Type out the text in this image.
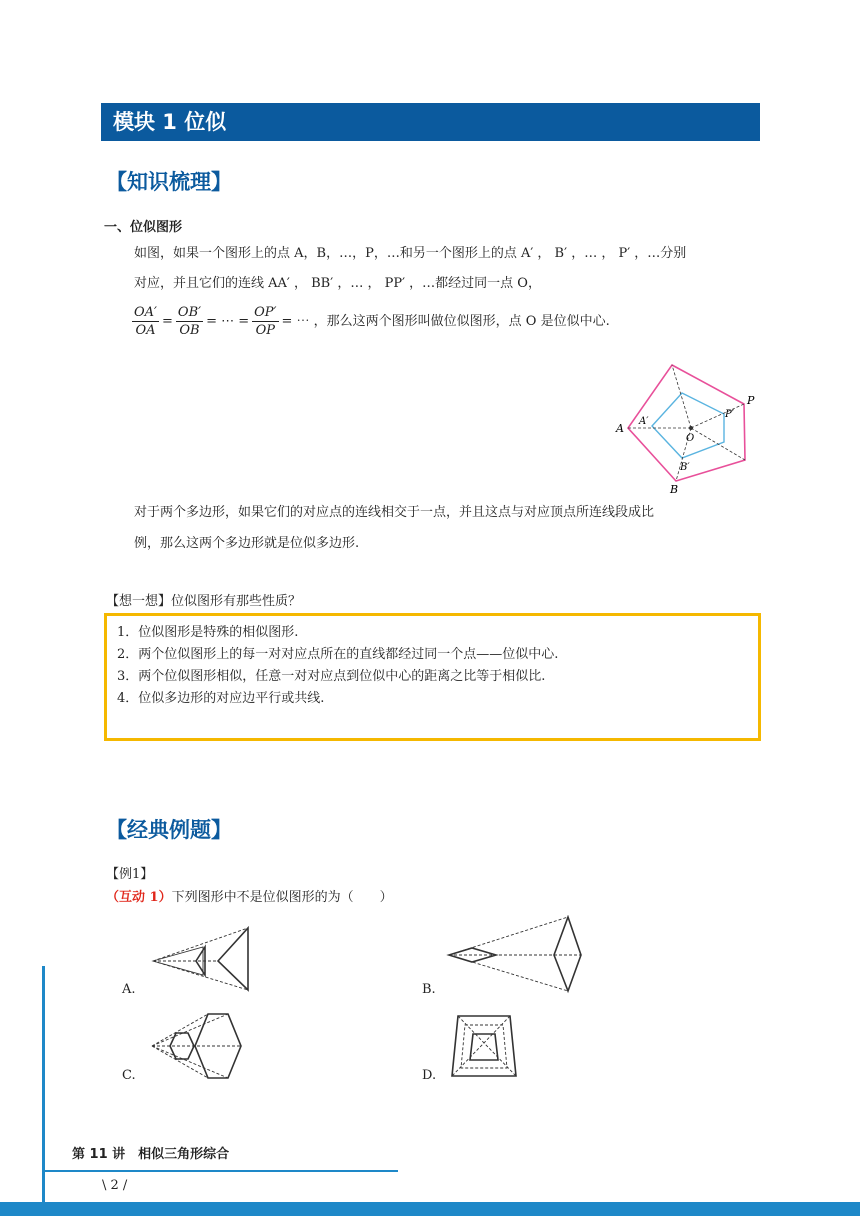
模块 1 位似
【知识梳理】
一、位似图形
如图，如果一个图形上的点 A，B，…，P，…和另一个图形上的点 A′ ， B′ ，… ， P′ ，…分别
对应，并且它们的连线 AA′ ， BB′ ，… ， PP′ ，…都经过同一点 O，
$\frac{OA'}{OA} = \frac{OB'}{OB}$ = ⋯ = $\frac{OP'}{OP}$ = ⋯ ，那么这两个图形叫做位似图形，点 O 是位似中心.
A
A′
O
P
P′
B
B′
对于两个多边形，如果它们的对应点的连线相交于一点，并且这点与对应顶点所连线段成比
例，那么这两个多边形就是位似多边形.
【想一想】位似图形有那些性质？
1．位似图形是特殊的相似图形.
2．两个位似图形上的每一对对应点所在的直线都经过同一个点——位似中心.
3．两个位似图形相似，任意一对对应点到位似中心的距离之比等于相似比.
4．位似多边形的对应边平行或共线.
【经典例题】
【例1】
（互动 1）下列图形中不是位似图形的为（　　）
A.	B.
C.	D.
第 11 讲　相似三角形综合
\ 2 /
